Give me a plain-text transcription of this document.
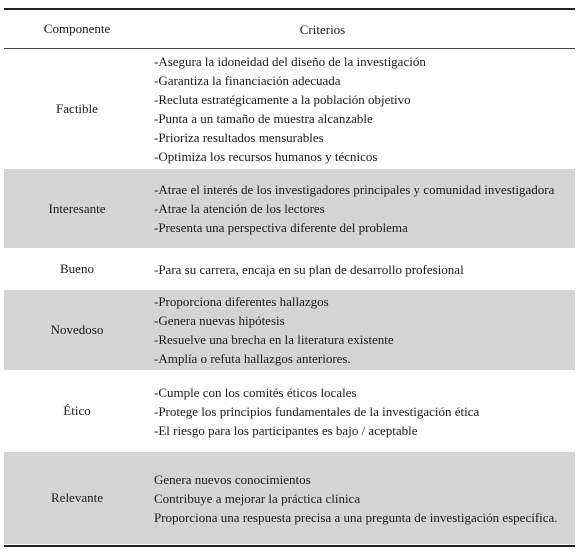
Componente	Criterios
Factible
-Asegura la idoneidad del diseño de la investigación
-Garantiza la financiación adecuada
-Recluta estratégicamente a la población objetivo
-Punta a un tamaño de muestra alcanzable
-Prioriza resultados mensurables
-Optimiza los recursos humanos y técnicos
Interesante
-Atrae el interés de los investigadores principales y comunidad investigadora
-Atrae la atención de los lectores
-Presenta una perspectiva diferente del problema
Bueno	-Para su carrera, encaja en su plan de desarrollo profesional
Novedoso
-Proporciona diferentes hallazgos
-Genera nuevas hipótesis
-Resuelve una brecha en la literatura existente
-Amplía o refuta hallazgos anteriores.
Ético
-Cumple con los comités éticos locales
-Protege los principios fundamentales de la investigación ética
-El riesgo para los participantes es bajo / aceptable
Relevante
Genera nuevos conocimientos
Contribuye a mejorar la práctica clínica
Proporciona una respuesta precisa a una pregunta de investigación específica.
